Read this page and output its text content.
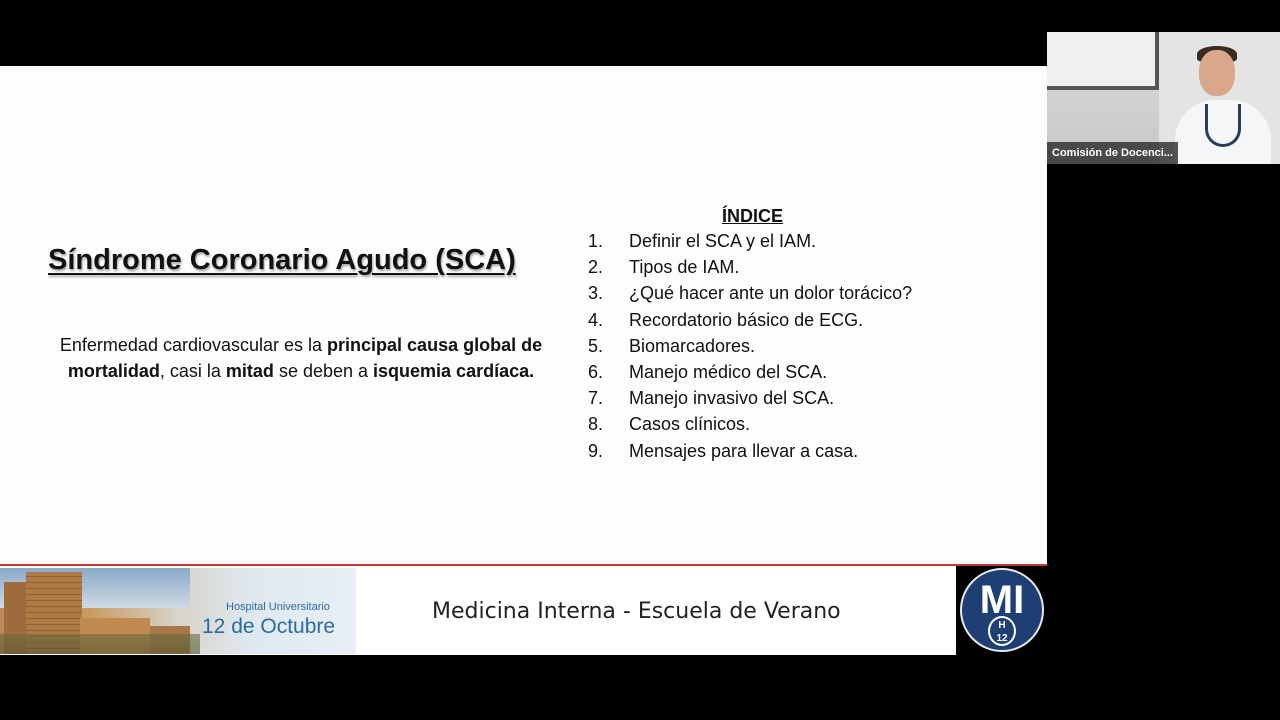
Síndrome Coronario Agudo (SCA)
Enfermedad cardiovascular es la principal causa global de mortalidad, casi la mitad se deben a isquemia cardíaca.
ÍNDICE
1.	Definir el SCA y el IAM.
2.	Tipos de IAM.
3.	¿Qué hacer ante un dolor torácico?
4.	Recordatorio básico de ECG.
5.	Biomarcadores.
6.	Manejo médico del SCA.
7.	Manejo invasivo del SCA.
8.	Casos clínicos.
9.	Mensajes para llevar a casa.
Hospital Universitario
12 de Octubre
Medicina Interna - Escuela de Verano	MI
H
12
Comisión de Docenci...
